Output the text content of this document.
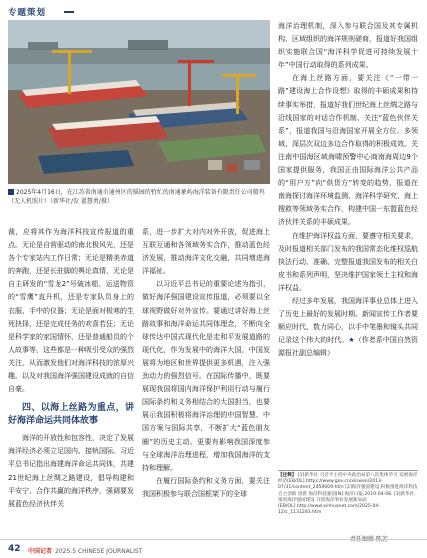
专题策划
2025年4月16日，在江苏省南通市通州区的锚园的暂忙的南通象屿海洋装备有限责任公司船坞（无人机照片）（新华社/发 翟慧勇/摄）

裁，应将其作为海洋科技宣传报道的重点。无论是自营驱动的南北极风光，还是各个专家站内工作日常；无论是精美赤道的奔跑，还是长驻脚的舆论真情，无论是自主研发的“雪龙2”号破冰船、运送物资的“雪鹰”直升机，还是专家队员身上的衣服、手中的仪器；无论是面对极寒的生死抉择，还是完成任务的欢喜若狂；无论是科学家的家国情怀，还是普通船员的个人故事等，这些都是一种吸引受众的强烈关注，从而激发他们对海洋科技的浓厚兴趣。以及对我国海洋强国建设成就的自信自豪。

四、以海上丝路为重点，讲好海洋命运共同体故事

海洋的开放性和包容性，决定了发展海洋经济必须立足国内、接轨国际。习近平总书记指出海建海洋命运共同体，共建21世纪海上丝绸之路建设，倡导构建和平安宁、合作共赢的海洋秩序，强调要发展蓝色经济伙伴关

系，进一步扩大对内对外开放，促进海上互联互通和各领域务实合作，推动蓝色经济发展，推动海洋文化交融，共同增进海洋福祉。

以习近平总书记的重要论述为指引，做好海洋强国建设宣传报道，必须要以全球视野做好对外宣传。要通过讲好海上丝路故事和海洋命运共同体理念，不断向全球传达中国式现代化是走和平发展道路的现代化，作为发展中的海洋大国，中国发展将为地区和世界提供更多机遇，注入强劲动力的强烈信号。在国际传播中，既要展现我国将国内海洋保护利用行动与履行国际条约和义务相结合的大国担当，也要展示我国积极将海洋治理的中国智慧、中国方案与国际共享，不断扩大“蓝色朋友圈”的历史主动。更要有影响我国深度参与全球海洋治理进程，增加我国海洋的支持和理解。

在履行国际条约和义务方面，要关注我国积极参与联合国框架下的全球

海洋治理机制，深入参与联合国及其专属机构、区域组织的海洋规则磋商，报道好我国组织实施联合国“海洋科学促进可持续发展十年”中国行动取得的系列成果。

在海上丝路方面，要关注《“一带一路”建设海上合作设想》取得的丰硕成果和持续事实举措，报道好我们世纪海上丝绸之路与沿线国家的对话合作机制、关注“蓝色伙伴关系”，报道我国与沿海国家开展全方位、多领域、深层次双边多边合作取得的积极成效。关注南中国海区域海啸预警中心商南海周边9个国家提供服务，我国正由国际海洋公共产品的“用户方”向“供货方”转变的趋势，报道在南海探讨海洋环境监测、海洋科学研究、海上搜救等领域务实合作，构建中国一东盟蓝色经济伙伴关系的丰硕成果。

在维护海洋权益方面，要遵守相关要求，及时报道相关部门发布的我国常态化维权巡航执法行动、准确、完整报道我国发布的相关白皮书和系列声明，坚决维护国家领土主权和海洋权益。

经过多年发展，我国海洋事业总体上进入了历史上最好的发展时期。新闻宣传工作者要顺应时代、数力同心，以手中笔墨和镜头共同记录这个伟大的时代。★（作者系中国自然资源报社副总编辑）

【注释】 [1]新华社.习近平主持中央政治局第八次集体学习 发展海洋经济[EB/OL].https://www.gov.cn/xinwen/2013-07/31/content_2459009.htm [2]海洋强国建设 积极推进海洋科技自主创新 创新 海洋科技强国[N].海洋日报,2019-04-08. [3]新华社.推进海洋强国建设 开创海洋事业发展新局面[EB/OL].http://www.xinhuanet.com/2025-04-12/c_1131283.htm
责任编辑 陈芳
42 中国记者 2025.5 CHINESE JOURNALIST
